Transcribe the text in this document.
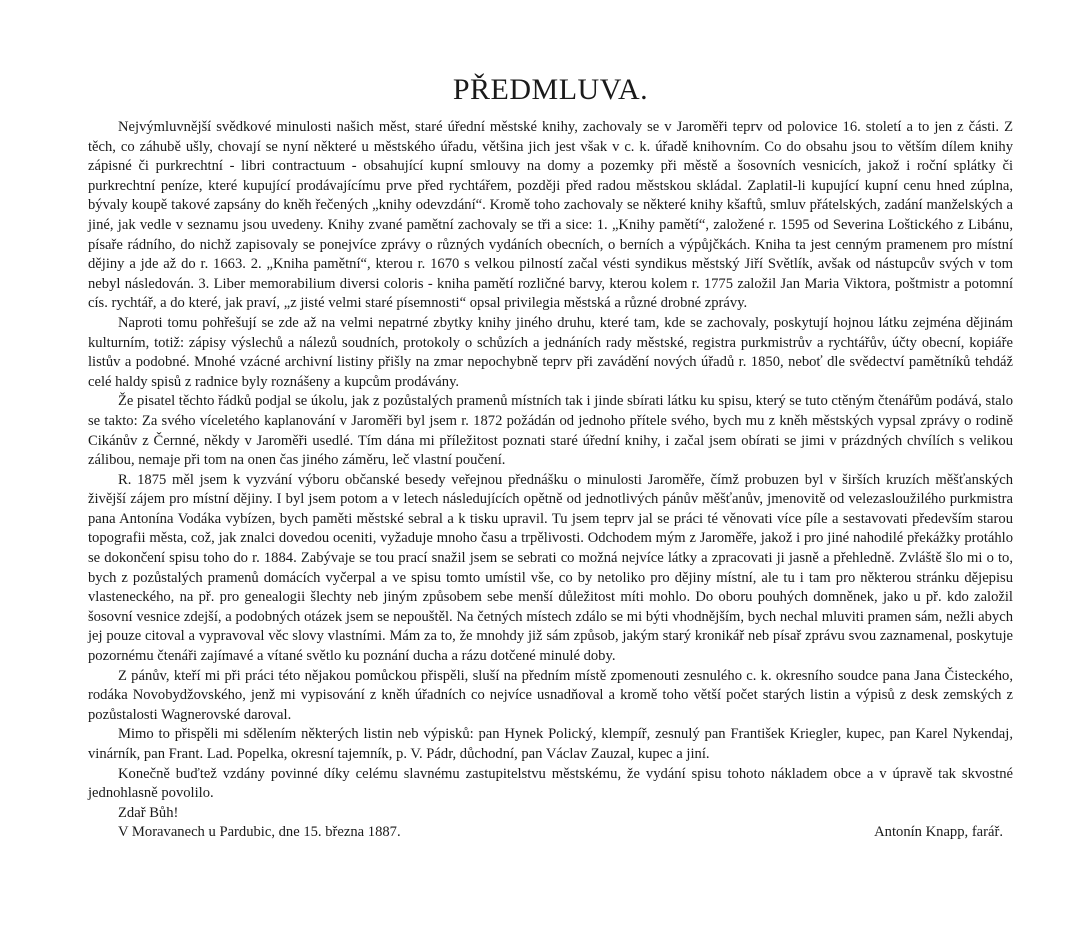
PŘEDMLUVA.

Nejvýmluvnější svědkové minulosti našich měst, staré úřední městské knihy, zachovaly se v Jaroměři teprv od polovice 16. století a to jen z části. Z těch, co záhubě ušly, chovají se nyní některé u městského úřadu, většina jich jest však v c. k. úřadě knihovním. Co do obsahu jsou to větším dílem knihy zápisné či purkrechtní - libri contractuum - obsahující kupní smlouvy na domy a pozemky při městě a šosovních vesnicích, jakož i roční splátky či purkrechtní peníze, které kupující prodávajícímu prve před rychtářem, později před radou městskou skládal. Zaplatil-li kupující kupní cenu hned zúplna, bývaly koupě takové zapsány do kněh řečených „knihy odevzdání“. Kromě toho zachovaly se některé knihy kšaftů, smluv přátelských, zadání manželských a jiné, jak vedle v seznamu jsou uvedeny. Knihy zvané pamětní zachovaly se tři a sice: 1. „Knihy pamětí“, založené r. 1595 od Severina Loštického z Libánu, písaře rádního, do nichž zapisovaly se ponejvíce zprávy o různých vydáních obecních, o berních a výpůjčkách. Kniha ta jest cenným pramenem pro místní dějiny a jde až do r. 1663. 2. „Kniha pamětní“, kterou r. 1670 s velkou pilností začal vésti syndikus městský Jiří Světlík, avšak od nástupcův svých v tom nebyl následován. 3. Liber memorabilium diversi coloris - kniha pamětí rozličné barvy, kterou kolem r. 1775 založil Jan Maria Viktora, poštmistr a potomní cís. rychtář, a do které, jak praví, „z jisté velmi staré písemnosti“ opsal privilegia městská a různé drobné zprávy.

Naproti tomu pohřešují se zde až na velmi nepatrné zbytky knihy jiného druhu, které tam, kde se zachovaly, poskytují hojnou látku zejména dějinám kulturním, totiž: zápisy výslechů a nálezů soudních, protokoly o schůzích a jednáních rady městské, registra purkmistrův a rychtářův, účty obecní, kopiáře listův a podobné. Mnohé vzácné archivní listiny přišly na zmar nepochybně teprv při zavádění nových úřadů r. 1850, neboť dle svědectví pamětníků tehdáž celé haldy spisů z radnice byly roznášeny a kupcům prodávány.

Že pisatel těchto řádků podjal se úkolu, jak z pozůstalých pramenů místních tak i jinde sbírati látku ku spisu, který se tuto ctěným čtenářům podává, stalo se takto: Za svého víceletého kaplanování v Jaroměři byl jsem r. 1872 požádán od jednoho přítele svého, bych mu z kněh městských vypsal zprávy o rodině Cikánův z Černné, někdy v Jaroměři usedlé. Tím dána mi příležitost poznati staré úřední knihy, i začal jsem obírati se jimi v prázdných chvílích s velikou zálibou, nemaje při tom na onen čas jiného záměru, leč vlastní poučení.

R. 1875 měl jsem k vyzvání výboru občanské besedy veřejnou přednášku o minulosti Jaroměře, čímž probuzen byl v širších kruzích měšťanských živější zájem pro místní dějiny. I byl jsem potom a v letech následujících opětně od jednotlivých pánův měšťanův, jmenovitě od velezasloužilého purkmistra pana Antonína Vodáka vybízen, bych paměti městské sebral a k tisku upravil. Tu jsem teprv jal se práci té věnovati více píle a sestavovati především starou topografii města, což, jak znalci dovedou oceniti, vyžaduje mnoho času a trpělivosti. Odchodem mým z Jaroměře, jakož i pro jiné nahodilé překážky protáhlo se dokončení spisu toho do r. 1884. Zabývaje se tou prací snažil jsem se sebrati co možná nejvíce látky a zpracovati ji jasně a přehledně. Zvláště šlo mi o to, bych z pozůstalých pramenů domácích vyčerpal a ve spisu tomto umístil vše, co by netoliko pro dějiny místní, ale tu i tam pro některou stránku dějepisu vlasteneckého, na př. pro genealogii šlechty neb jiným způsobem sebe menší důležitost míti mohlo. Do oboru pouhých domněnek, jako u př. kdo založil šosovní vesnice zdejší, a podobných otázek jsem se nepouštěl. Na četných místech zdálo se mi býti vhodnějším, bych nechal mluviti pramen sám, nežli abych jej pouze citoval a vypravoval věc slovy vlastními. Mám za to, že mnohdy již sám způsob, jakým starý kronikář neb písař zprávu svou zaznamenal, poskytuje pozornému čtenáři zajímavé a vítané světlo ku poznání ducha a rázu dotčené minulé doby.

Z pánův, kteří mi při práci této nějakou pomůckou přispěli, sluší na předním místě zpomenouti zesnulého c. k. okresního soudce pana Jana Čisteckého, rodáka Novobydžovského, jenž mi vypisování z kněh úřadních co nejvíce usnadňoval a kromě toho větší počet starých listin a výpisů z desk zemských z pozůstalosti Wagnerovské daroval.

Mimo to přispěli mi sdělením některých listin neb výpisků: pan Hynek Polický, klempíř, zesnulý pan František Kriegler, kupec, pan Karel Nykendaj, vinárník, pan Frant. Lad. Popelka, okresní tajemník, p. V. Pádr, důchodní, pan Václav Zauzal, kupec a jiní.

Konečně buďtež vzdány povinné díky celému slavnému zastupitelstvu městskému, že vydání spisu tohoto nákladem obce a v úpravě tak skvostné jednohlasně povolilo.

Zdař Bůh!

V Moravanech u Pardubic, dne 15. března 1887.	Antonín Knapp, farář.
